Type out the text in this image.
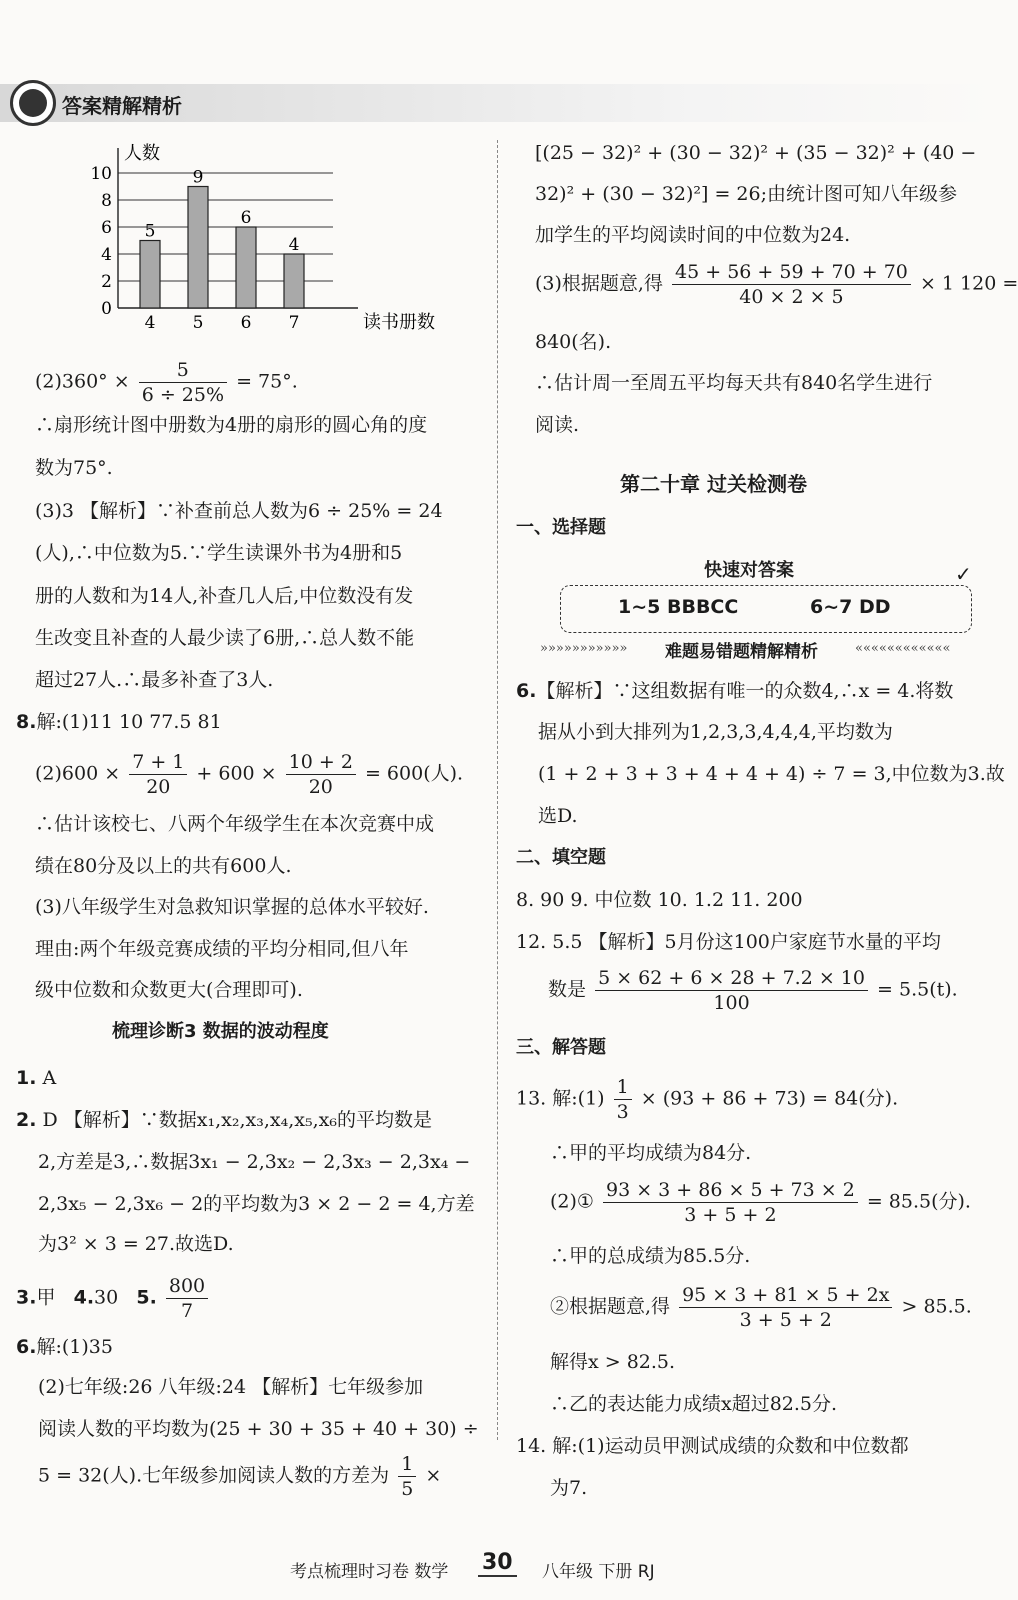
答案精解精析
0
2
4
6
8
10
人数
读书册数
5
4
9
5
6
6
4
7
$(2)360^\circ \times \frac{5}{6 \div 25\%} = 75^\circ$.
∴扇形统计图中册数为4册的扇形的圆心角的度
数为75°.
(3)3 【解析】∵补查前总人数为6 ÷ 25% = 24
(人),∴中位数为5.∵学生读课外书为4册和5
册的人数和为14人,补查几人后,中位数没有发
生改变且补查的人最少读了6册,∴总人数不能
超过27人.∴最多补查了3人.
8.解:(1)11 10 77.5 81
$(2)600 \times \frac{7 + 1}{20} + 600 \times \frac{10 + 2}{20} = 600$(人).
∴估计该校七、八两个年级学生在本次竞赛中成
绩在80分及以上的共有600人.
(3)八年级学生对急救知识掌握的总体水平较好.
理由:两个年级竞赛成绩的平均分相同,但八年
级中位数和众数更大(合理即可).
梳理诊断3 数据的波动程度
1. A
2. D 【解析】∵数据x₁,x₂,x₃,x₄,x₅,x₆的平均数是
2,方差是3,∴数据3x₁ − 2,3x₂ − 2,3x₃ − 2,3x₄ −
2,3x₅ − 2,3x₆ − 2的平均数为3 × 2 − 2 = 4,方差
为3² × 3 = 27.故选D.
3.甲 4.30 5. $\frac{800}{7}$
6.解:(1)35
(2)七年级:26 八年级:24 【解析】七年级参加
阅读人数的平均数为(25 + 30 + 35 + 40 + 30) ÷
5 = 32(人).七年级参加阅读人数的方差为 $\frac{1}{5}$ ×
[(25 − 32)² + (30 − 32)² + (35 − 32)² + (40 −
32)² + (30 − 32)²] = 26;由统计图可知八年级参
加学生的平均阅读时间的中位数为24.
(3)根据题意,得 $\frac{45 + 56 + 59 + 70 + 70}{40 \times 2 \times 5} \times 1$ 120 =
840(名).
∴估计周一至周五平均每天共有840名学生进行
阅读.
第二十章 过关检测卷
一、选择题
快速对答案
1~5 BBBCC	6~7 DD
✓
»»»»»»»»»»» 难题易错题精解精析	««««««««««««
6.【解析】∵这组数据有唯一的众数4,∴x = 4.将数
据从小到大排列为1,2,3,3,4,4,4,平均数为
(1 + 2 + 3 + 3 + 4 + 4 + 4) ÷ 7 = 3,中位数为3.故
选D.
二、填空题
8. 90 9. 中位数 10. 1.2 11. 200
12. 5.5 【解析】5月份这100户家庭节水量的平均
数是 $\frac{5 \times 62 + 6 \times 28 + 7.2 \times 10}{100} = 5.5(t)$.
三、解答题
13. 解:(1) $\frac{1}{3} \times (93 + 86 + 73) = 84$(分).
∴甲的平均成绩为84分.
(2)① $\frac{93 \times 3 + 86 \times 5 + 73 \times 2}{3 + 5 + 2} = 85.5$(分).
∴甲的总成绩为85.5分.
②根据题意,得 $\frac{95 \times 3 + 81 \times 5 + 2x}{3 + 5 + 2} > 85.5$.
解得x > 82.5.
∴乙的表达能力成绩x超过82.5分.
14. 解:(1)运动员甲测试成绩的众数和中位数都
为7.
考点梳理时习卷 数学 30 八年级 下册 RJ
